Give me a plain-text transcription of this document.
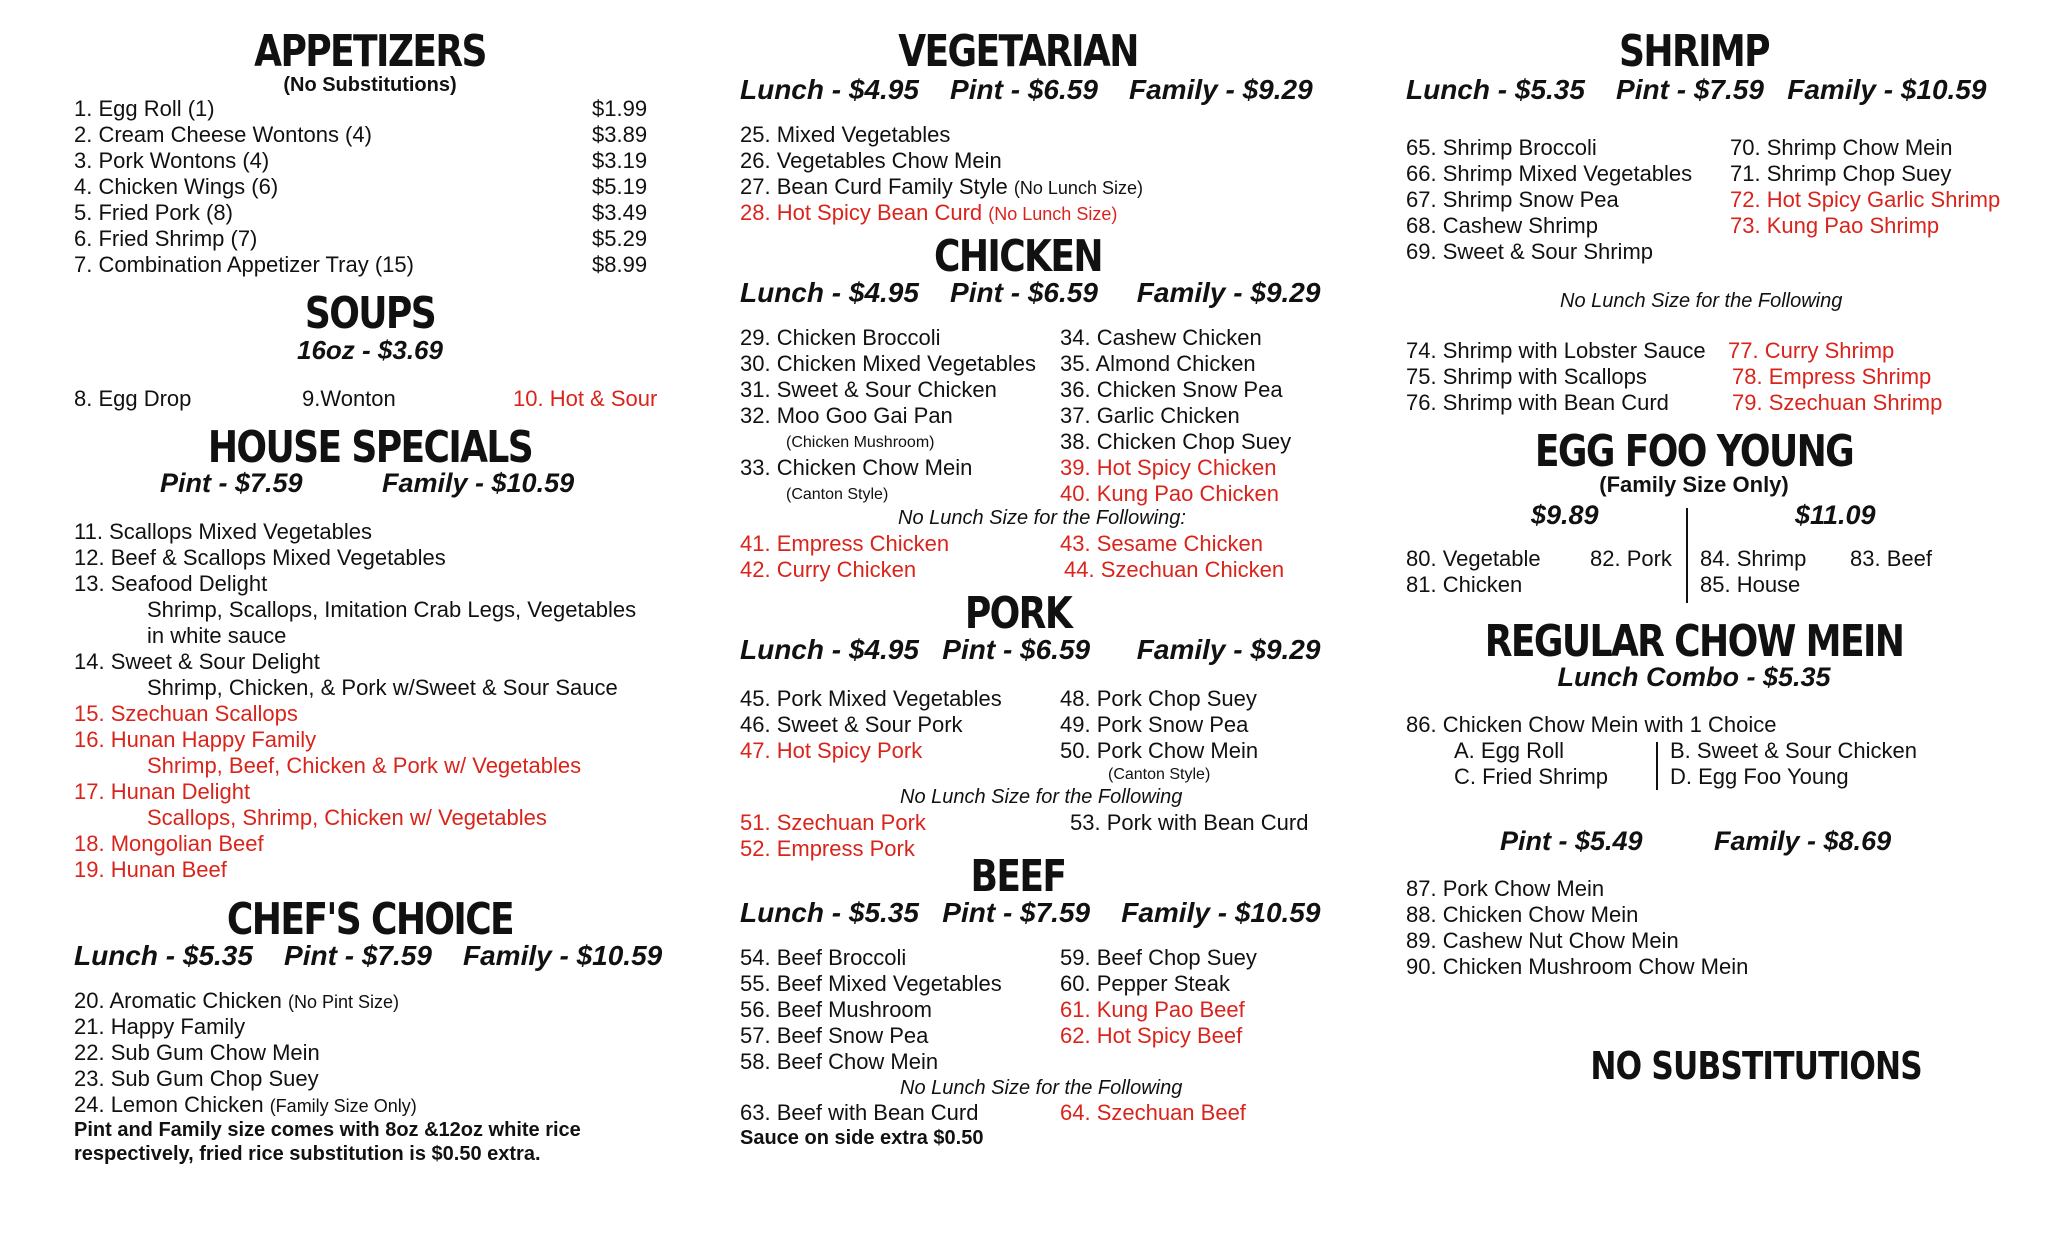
APPETIZERS
(No Substitutions)
1. Egg Roll (1)	$1.99
2. Cream Cheese Wontons (4)	$3.89
3. Pork Wontons (4)	$3.19
4. Chicken Wings (6)	$5.19
5. Fried Pork (8)	$3.49
6. Fried Shrimp (7)	$5.29
7. Combination Appetizer Tray (15)	$8.99
SOUPS
16oz - $3.69
8. Egg Drop	9.Wonton	10. Hot & Sour
HOUSE SPECIALS
Pint - $7.59	Family - $10.59
11. Scallops Mixed Vegetables
12. Beef & Scallops Mixed Vegetables
13. Seafood Delight
Shrimp, Scallops, Imitation Crab Legs, Vegetables
in white sauce
14. Sweet & Sour Delight
Shrimp, Chicken, & Pork w/Sweet & Sour Sauce
15. Szechuan Scallops
16. Hunan Happy Family
Shrimp, Beef, Chicken & Pork w/ Vegetables
17. Hunan Delight
Scallops, Shrimp, Chicken w/ Vegetables
18. Mongolian Beef
19. Hunan Beef
CHEF'S CHOICE
Lunch - $5.35    Pint - $7.59    Family - $10.59
20. Aromatic Chicken (No Pint Size)
21. Happy Family
22. Sub Gum Chow Mein
23. Sub Gum Chop Suey
24. Lemon Chicken (Family Size Only)
Pint and Family size comes with 8oz &12oz white rice
respectively, fried rice substitution is $0.50 extra.
VEGETARIAN
Lunch - $4.95    Pint - $6.59    Family - $9.29
25. Mixed Vegetables
26. Vegetables Chow Mein
27. Bean Curd Family Style (No Lunch Size)
28. Hot Spicy Bean Curd (No Lunch Size)
CHICKEN
Lunch - $4.95    Pint - $6.59     Family - $9.29
29. Chicken Broccoli
30. Chicken Mixed Vegetables
31. Sweet & Sour Chicken
32. Moo Goo Gai Pan
(Chicken Mushroom)
33. Chicken Chow Mein
(Canton Style)
34. Cashew Chicken
35. Almond Chicken
36. Chicken Snow Pea
37. Garlic Chicken
38. Chicken Chop Suey
39. Hot Spicy Chicken
40. Kung Pao Chicken
No Lunch Size for the Following:
41. Empress Chicken
42. Curry Chicken
43. Sesame Chicken
44. Szechuan Chicken
PORK
Lunch - $4.95   Pint - $6.59      Family - $9.29
45. Pork Mixed Vegetables
46. Sweet & Sour Pork
47. Hot Spicy Pork
48. Pork Chop Suey
49. Pork Snow Pea
50. Pork Chow Mein
(Canton Style)
No Lunch Size for the Following
51. Szechuan Pork
52. Empress Pork
53. Pork with Bean Curd
BEEF
Lunch - $5.35   Pint - $7.59    Family - $10.59
54. Beef Broccoli
55. Beef Mixed Vegetables
56. Beef Mushroom
57. Beef Snow Pea
58. Beef Chow Mein
59. Beef Chop Suey
60. Pepper Steak
61. Kung Pao Beef
62. Hot Spicy Beef
No Lunch Size for the Following
63. Beef with Bean Curd	64. Szechuan Beef
Sauce on side extra $0.50
SHRIMP
Lunch - $5.35    Pint - $7.59   Family - $10.59
65. Shrimp Broccoli
66. Shrimp Mixed Vegetables
67. Shrimp Snow Pea
68. Cashew Shrimp
69. Sweet & Sour Shrimp
70. Shrimp Chow Mein
71. Shrimp Chop Suey
72. Hot Spicy Garlic Shrimp
73. Kung Pao Shrimp
No Lunch Size for the Following
74. Shrimp with Lobster Sauce
75. Shrimp with Scallops
76. Shrimp with Bean Curd
77. Curry Shrimp
78. Empress Shrimp
79. Szechuan Shrimp
EGG FOO YOUNG
(Family Size Only)
$9.89	$11.09
80. Vegetable
81. Chicken
82. Pork 84. Shrimp
85. House
83. Beef
REGULAR CHOW MEIN
Lunch Combo - $5.35
86. Chicken Chow Mein with 1 Choice
A. Egg Roll
C. Fried Shrimp
B. Sweet & Sour Chicken
D. Egg Foo Young
Pint - $5.49	Family - $8.69
87. Pork Chow Mein
88. Chicken Chow Mein
89. Cashew Nut Chow Mein
90. Chicken Mushroom Chow Mein
NO SUBSTITUTIONS
